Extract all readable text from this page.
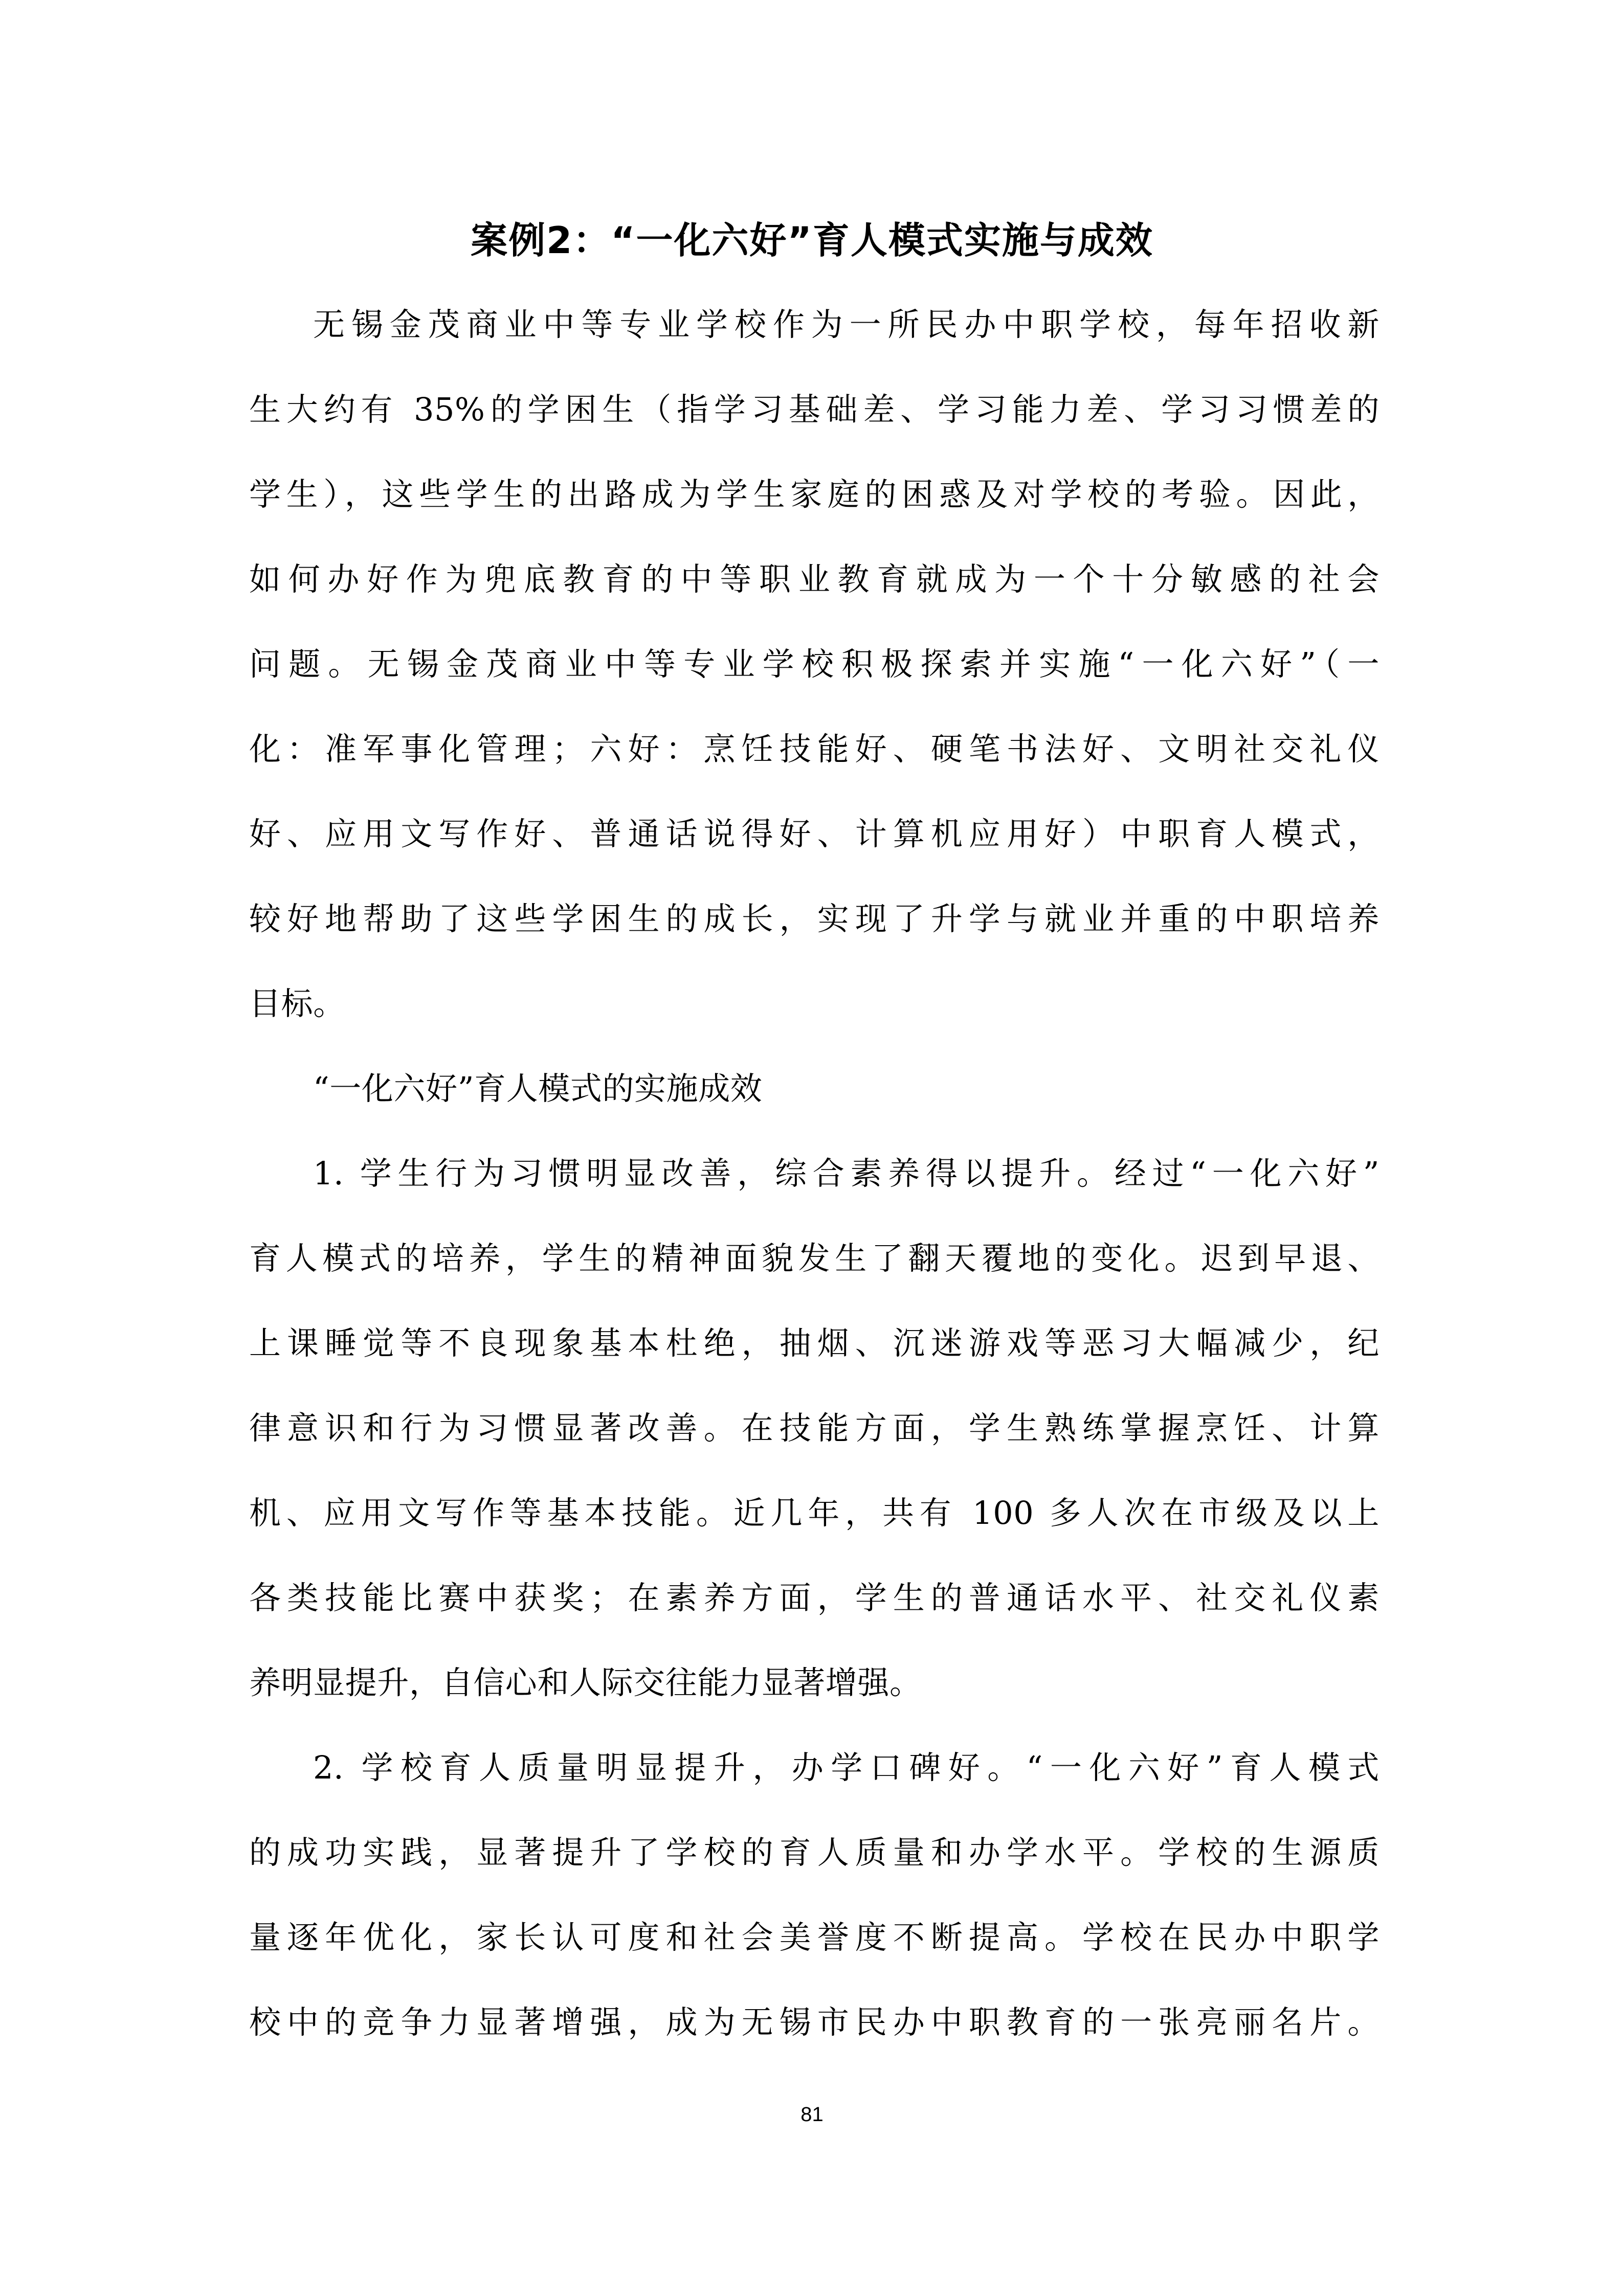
案例2：“一化六好”育人模式实施与成效
无锡金茂商业中等专业学校作为一所民办中职学校，每年招收新
生大约有 35%的学困生（指学习基础差、学习能力差、学习习惯差的
学生），这些学生的出路成为学生家庭的困惑及对学校的考验。因此，
如何办好作为兜底教育的中等职业教育就成为一个十分敏感的社会
问题。无锡金茂商业中等专业学校积极探索并实施“一化六好”（一
化：准军事化管理；六好：烹饪技能好、硬笔书法好、文明社交礼仪
好、应用文写作好、普通话说得好、计算机应用好）中职育人模式，
较好地帮助了这些学困生的成长，实现了升学与就业并重的中职培养
目标。
“一化六好”育人模式的实施成效
1. 学生行为习惯明显改善，综合素养得以提升。经过“一化六好”
育人模式的培养，学生的精神面貌发生了翻天覆地的变化。迟到早退、
上课睡觉等不良现象基本杜绝，抽烟、沉迷游戏等恶习大幅减少，纪
律意识和行为习惯显著改善。在技能方面，学生熟练掌握烹饪、计算
机、应用文写作等基本技能。近几年，共有 100 多人次在市级及以上
各类技能比赛中获奖；在素养方面，学生的普通话水平、社交礼仪素
养明显提升，自信心和人际交往能力显著增强。
2. 学校育人质量明显提升，办学口碑好。“一化六好”育人模式
的成功实践，显著提升了学校的育人质量和办学水平。学校的生源质
量逐年优化，家长认可度和社会美誉度不断提高。学校在民办中职学
校中的竞争力显著增强，成为无锡市民办中职教育的一张亮丽名片。
81
